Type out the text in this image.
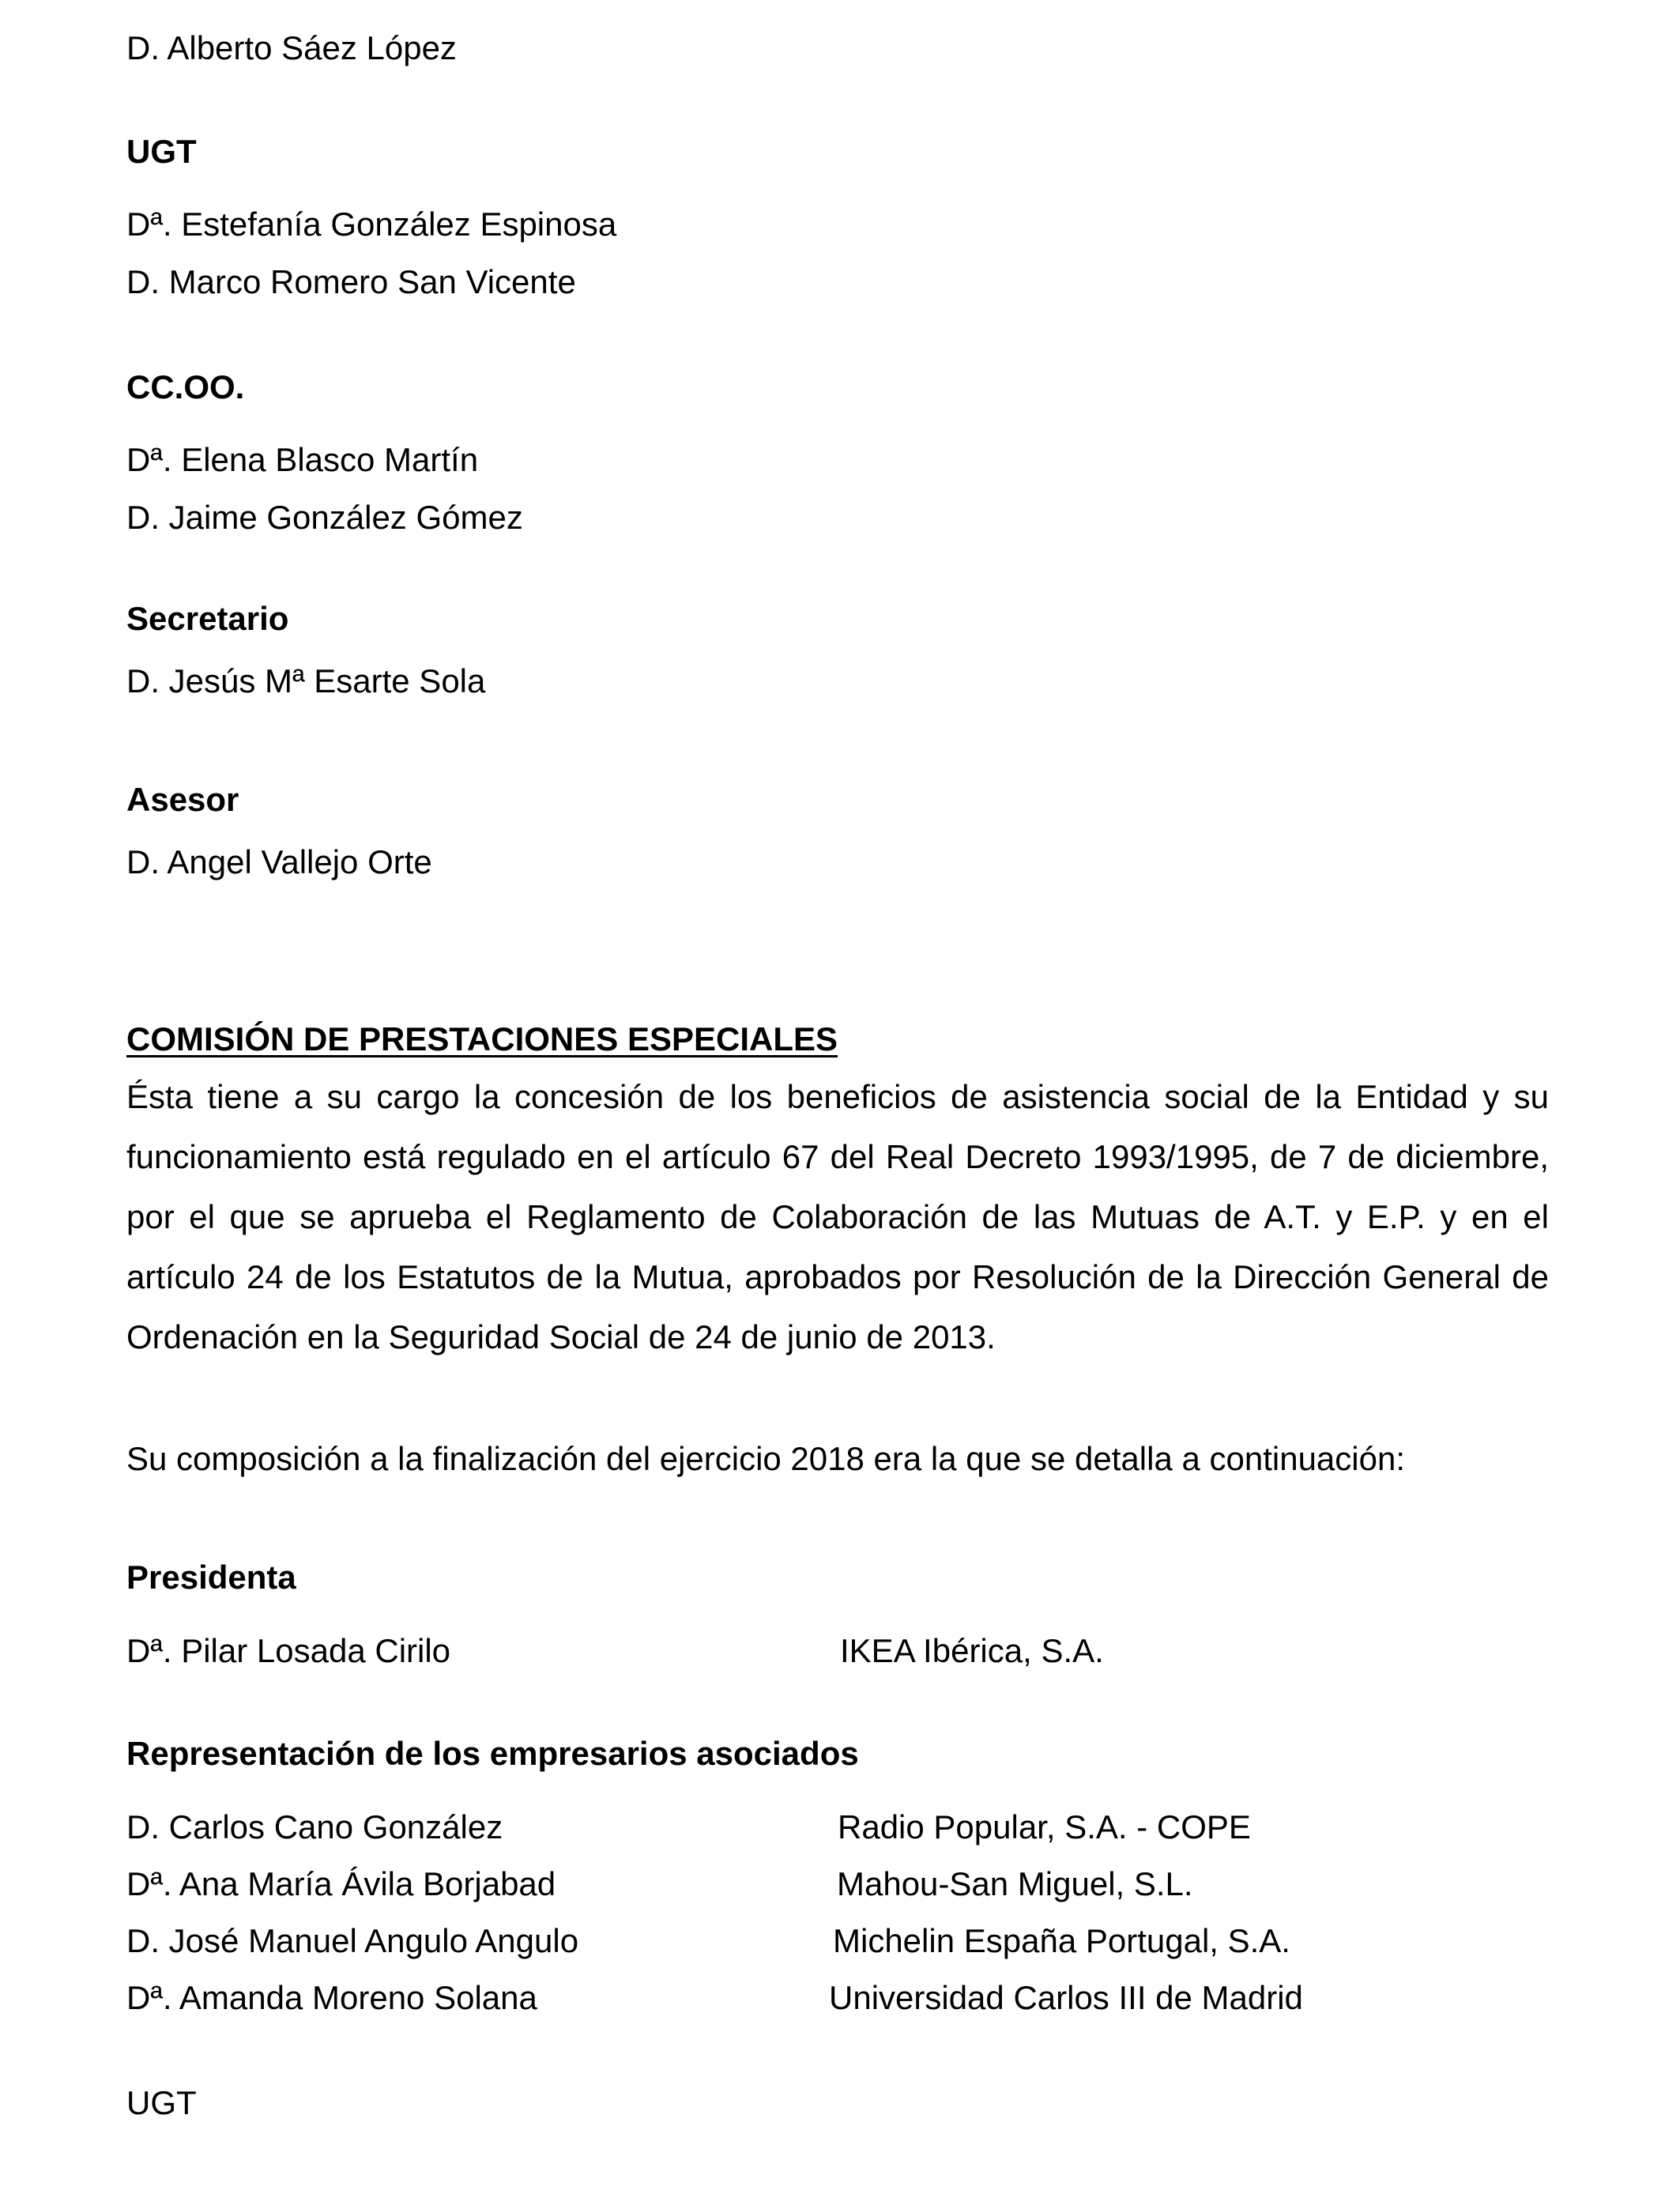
D. Alberto Sáez López
UGT
Dª. Estefanía González Espinosa
D. Marco Romero San Vicente
CC.OO.
Dª. Elena Blasco Martín
D. Jaime González Gómez
Secretario
D. Jesús Mª Esarte Sola
Asesor
D. Angel Vallejo Orte
COMISIÓN DE PRESTACIONES ESPECIALES

Ésta tiene a su cargo la concesión de los beneficios de asistencia social de la Entidad y su funcionamiento está regulado en el artículo 67 del Real Decreto 1993/1995, de 7 de diciembre, por el que se aprueba el Reglamento de Colaboración de las Mutuas de A.T. y E.P. y en el artículo 24 de los Estatutos de la Mutua, aprobados por Resolución de la Dirección General de Ordenación en la Seguridad Social de 24 de junio de 2013.

Su composición a la finalización del ejercicio 2018 era la que se detalla a continuación:
Presidenta
Dª. Pilar Losada Cirilo	IKEA Ibérica, S.A.
Representación de los empresarios asociados
D. Carlos Cano González	Radio Popular, S.A. - COPE
Dª. Ana María Ávila Borjabad	Mahou-San Miguel, S.L.
D. José Manuel Angulo Angulo	Michelin España Portugal, S.A.
Dª. Amanda Moreno Solana	Universidad Carlos III de Madrid
UGT
